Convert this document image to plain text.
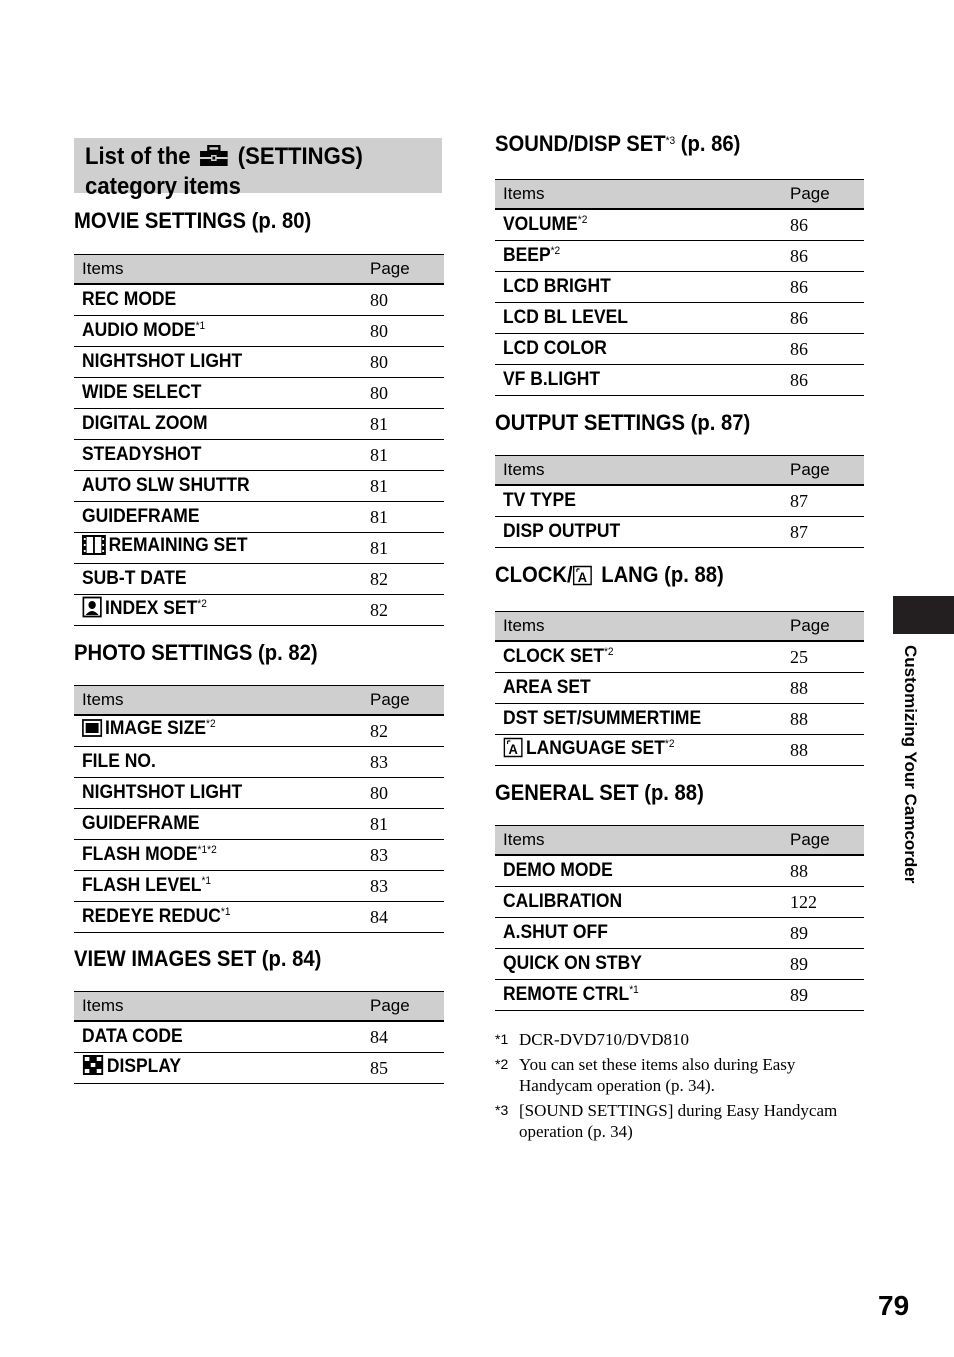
List of the (SETTINGS)
category items
MOVIE SETTINGS (p. 80)
Items	Page
REC MODE	80
AUDIO MODE$^{*1}$	80
NIGHTSHOT LIGHT	80
WIDE SELECT	80
DIGITAL ZOOM	81
STEADYSHOT	81
AUTO SLW SHUTTR	81
GUIDEFRAME	81
REMAINING SET	81
SUB-T DATE	82
INDEX SET$^{*2}$	82
PHOTO SETTINGS (p. 82)
Items	Page
IMAGE SIZE$^{*2}$	82
FILE NO.	83
NIGHTSHOT LIGHT	80
GUIDEFRAME	81
FLASH $MODE^{*1*2}$	83
FLASH LEVEL$^{*1}$	83
REDEYE REDUC$^{*1}$	84
VIEW IMAGES SET (p. 84)
Items	Page
DATA CODE	84
DISPLAY	85
SOUND/DISP SET$^{*3}$ (p. 86)
Items	Page
VOLUME$^{*2}$	86
BEEP$^{*2}$	86
LCD BRIGHT	86
LCD BL LEVEL	86
LCD COLOR	86
VF B.LIGHT	86
OUTPUT SETTINGS (p. 87)
Items	Page
TV TYPE	87
DISP OUTPUT	87
CLOCK/ A LANG (p. 88)
Items	Page
CLOCK SET$^{*2}$	25
AREA SET	88
DST SET/SUMMERTIME	88

A LANGUAGE SET$^{*2}$	88
GENERAL SET (p. 88)
Items	Page
DEMO MODE	88
CALIBRATION	122
A.SHUT OFF	89
QUICK ON STBY	89
REMOTE CTRL$^{*1}$	89
*1 DCR-DVD710/DVD810
*2 You can set these items also during Easy Handycam operation (p. 34).
*3 [SOUND SETTINGS] during Easy Handycam operation (p. 34)
Customizing Your Camcorder
79
